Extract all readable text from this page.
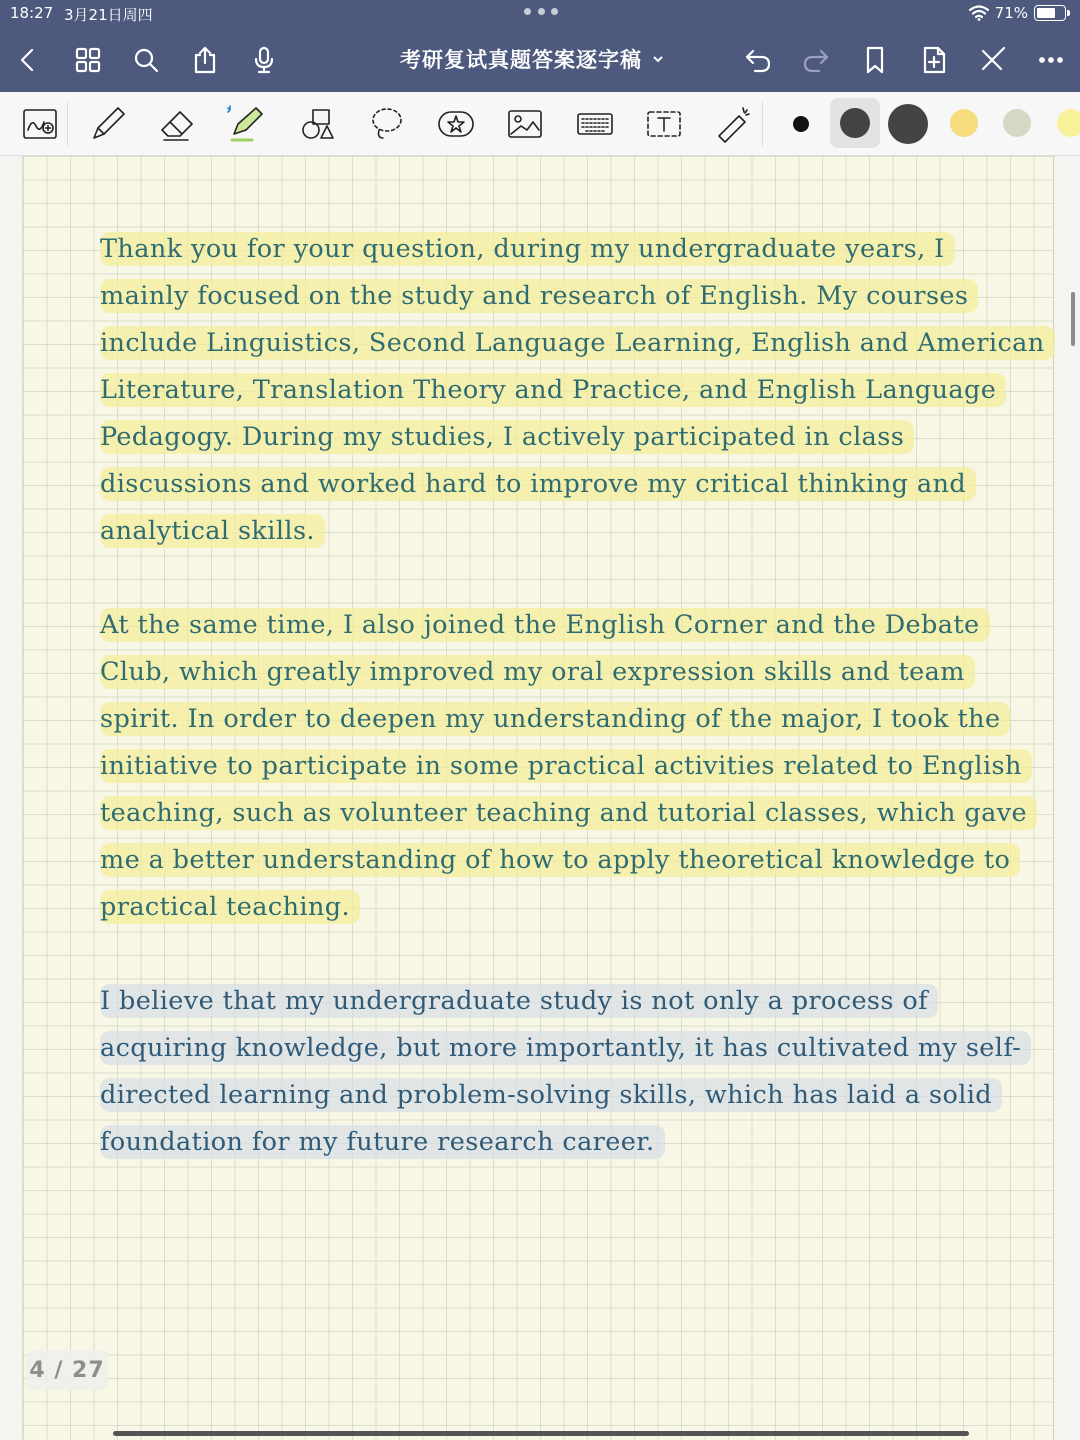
18:27 3月21日周四	71%
考研复试真题答案逐字稿
Thank you for your question, during my undergraduate years, I
mainly focused on the study and research of English. My courses
include Linguistics, Second Language Learning, English and American
Literature, Translation Theory and Practice, and English Language
Pedagogy. During my studies, I actively participated in class
discussions and worked hard to improve my critical thinking and
analytical skills.
At the same time, I also joined the English Corner and the Debate
Club, which greatly improved my oral expression skills and team
spirit. In order to deepen my understanding of the major, I took the
initiative to participate in some practical activities related to English
teaching, such as volunteer teaching and tutorial classes, which gave
me a better understanding of how to apply theoretical knowledge to
practical teaching.
I believe that my undergraduate study is not only a process of
acquiring knowledge, but more importantly, it has cultivated my self-
directed learning and problem-solving skills, which has laid a solid
foundation for my future research career.
4 / 27
